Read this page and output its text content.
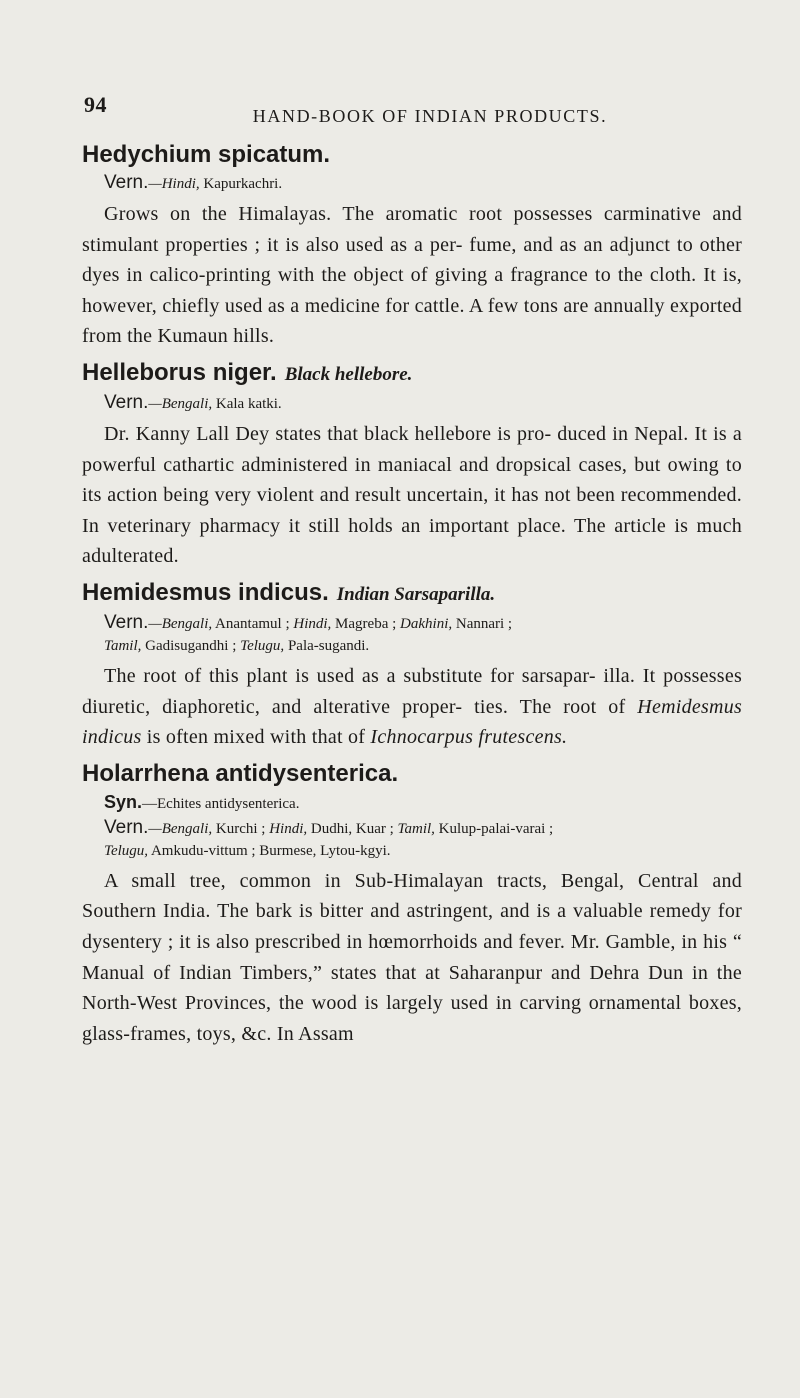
94	HAND-BOOK OF INDIAN PRODUCTS.
Hedychium spicatum.
Vern.—Hindi, Kapurkachri.

Grows on the Himalayas. The aromatic root possesses carminative and stimulant properties ; it is also used as a per- fume, and as an adjunct to other dyes in calico-printing with the object of giving a fragrance to the cloth. It is, however, chiefly used as a medicine for cattle. A few tons are annually exported from the Kumaun hills.

Helleborus niger. Black hellebore.
Vern.—Bengali, Kala katki.

Dr. Kanny Lall Dey states that black hellebore is pro- duced in Nepal. It is a powerful cathartic administered in maniacal and dropsical cases, but owing to its action being very violent and result uncertain, it has not been recommended. In veterinary pharmacy it still holds an important place. The article is much adulterated.

Hemidesmus indicus. Indian Sarsaparilla.
Vern.—Bengali, Anantamul ; Hindi, Magreba ; Dakhini, Nannari ;
Tamil, Gadisugandhi ; Telugu, Pala-sugandi.

The root of this plant is used as a substitute for sarsapar- illa. It possesses diuretic, diaphoretic, and alterative proper- ties. The root of Hemidesmus indicus is often mixed with that of Ichnocarpus frutescens.

Holarrhena antidysenterica.
Syn.—Echites antidysenterica.
Vern.—Bengali, Kurchi ; Hindi, Dudhi, Kuar ; Tamil, Kulup-palai-varai ;
Telugu, Amkudu-vittum ; Burmese, Lytou-kgyi.

A small tree, common in Sub-Himalayan tracts, Bengal, Central and Southern India. The bark is bitter and astringent, and is a valuable remedy for dysentery ; it is also prescribed in hœmorrhoids and fever. Mr. Gamble, in his “ Manual of Indian Timbers,” states that at Saharanpur and Dehra Dun in the North-West Provinces, the wood is largely used in carving ornamental boxes, glass-frames, toys, &c. In Assam
